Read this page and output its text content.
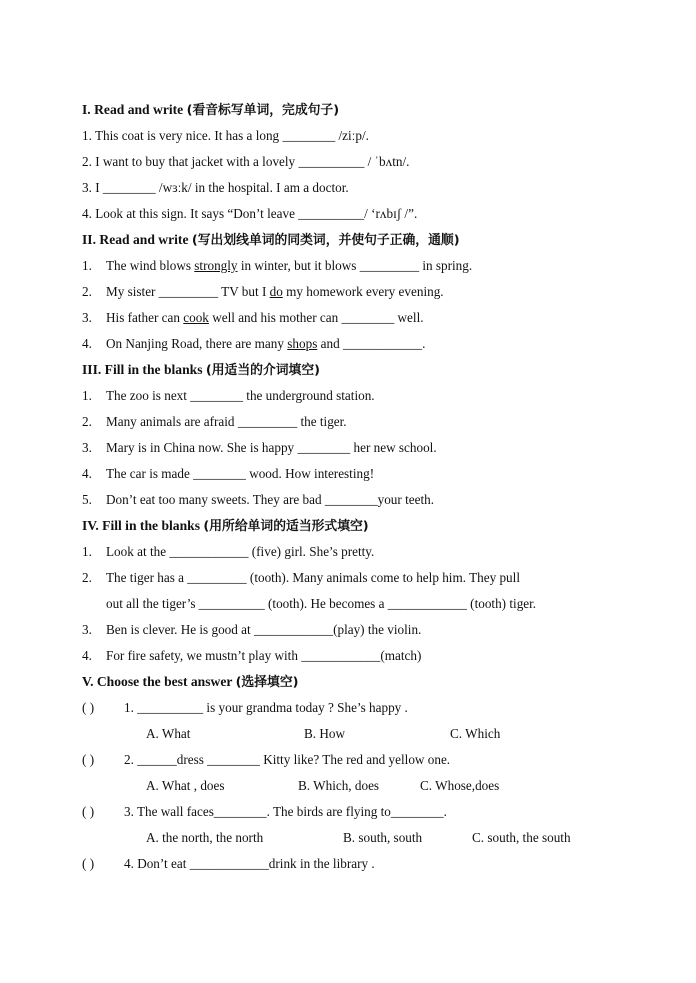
I. Read and write (看音标写单词，完成句子)
1. This coat is very nice. It has a long ________ /ziːp/.
2. I want to buy that jacket with a lovely __________ / ˈbʌtn/.
3. I ________ /wɜːk/ in the hospital. I am a doctor.
4. Look at this sign. It says “Don’t leave __________/ ‘rʌbɪʃ /”.
II. Read and write (写出划线单词的同类词，并使句子正确，通顺)
1. The wind blows strongly in winter, but it blows _________ in spring.
2. My sister _________ TV but I do my homework every evening.
3. His father can cook well and his mother can ________ well.
4. On Nanjing Road, there are many shops and ____________.
III. Fill in the blanks (用适当的介词填空)
1. The zoo is next ________ the underground station.
2. Many animals are afraid _________ the tiger.
3. Mary is in China now. She is happy ________ her new school.
4. The car is made ________ wood. How interesting!
5. Don’t eat too many sweets. They are bad ________your teeth.
IV. Fill in the blanks (用所给单词的适当形式填空)
1. Look at the ____________ (five) girl. She’s pretty.
2. The tiger has a _________ (tooth). Many animals come to help him. They pull
out all the tiger’s __________ (tooth). He becomes a ____________ (tooth) tiger.
3. Ben is clever. He is good at ____________(play) the violin.
4. For fire safety, we mustn’t play with ____________(match)
V. Choose the best answer (选择填空)
( ) 1. __________ is your grandma today ? She’s happy .
A. What	B. How	C. Which
( ) 2. ______dress ________ Kitty like? The red and yellow one.
A. What , does	B. Which, does	C. Whose,does
( ) 3. The wall faces________. The birds are flying to________.
A. the north, the north	B. south, south	C. south, the south
( ) 4. Don’t eat ____________drink in the library .
